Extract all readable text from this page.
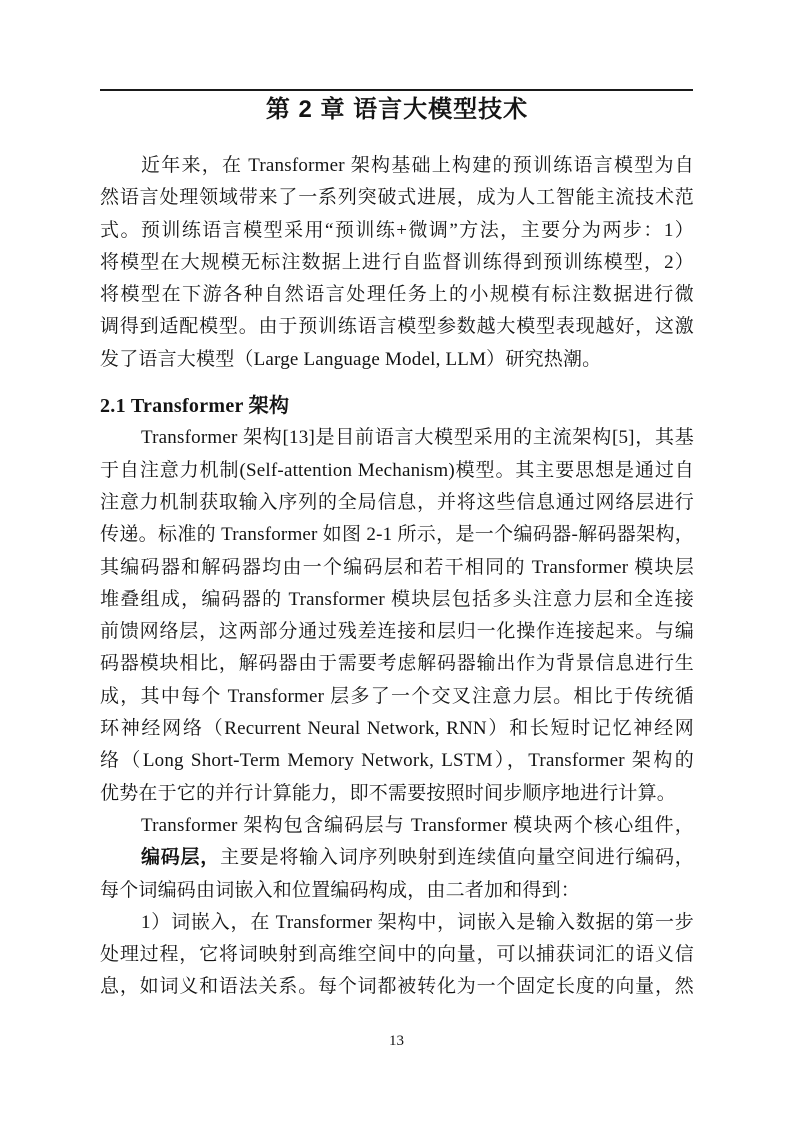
第 2 章 语言大模型技术
近年来，在 Transformer 架构基础上构建的预训练语言模型为自
然语言处理领域带来了一系列突破式进展，成为人工智能主流技术范
式。预训练语言模型采用“预训练+微调”方法，主要分为两步：1）
将模型在大规模无标注数据上进行自监督训练得到预训练模型，2）
将模型在下游各种自然语言处理任务上的小规模有标注数据进行微
调得到适配模型。由于预训练语言模型参数越大模型表现越好，这激
发了语言大模型（Large Language Model, LLM）研究热潮。
2.1 Transformer 架构
Transformer 架构[13]是目前语言大模型采用的主流架构[5]，其基
于自注意力机制(Self-attention Mechanism)模型。其主要思想是通过自
注意力机制获取输入序列的全局信息，并将这些信息通过网络层进行
传递。标准的 Transformer 如图 2-1 所示，是一个编码器-解码器架构，
其编码器和解码器均由一个编码层和若干相同的 Transformer 模块层
堆叠组成，编码器的 Transformer 模块层包括多头注意力层和全连接
前馈网络层，这两部分通过残差连接和层归一化操作连接起来。与编
码器模块相比，解码器由于需要考虑解码器输出作为背景信息进行生
成，其中每个 Transformer 层多了一个交叉注意力层。相比于传统循
环神经网络（Recurrent Neural Network, RNN）和长短时记忆神经网
络（Long Short-Term Memory Network, LSTM），Transformer 架构的
优势在于它的并行计算能力，即不需要按照时间步顺序地进行计算。
Transformer 架构包含编码层与 Transformer 模块两个核心组件，
编码层，主要是将输入词序列映射到连续值向量空间进行编码，
每个词编码由词嵌入和位置编码构成，由二者加和得到：
1）词嵌入，在 Transformer 架构中，词嵌入是输入数据的第一步
处理过程，它将词映射到高维空间中的向量，可以捕获词汇的语义信
息，如词义和语法关系。每个词都被转化为一个固定长度的向量，然
13
